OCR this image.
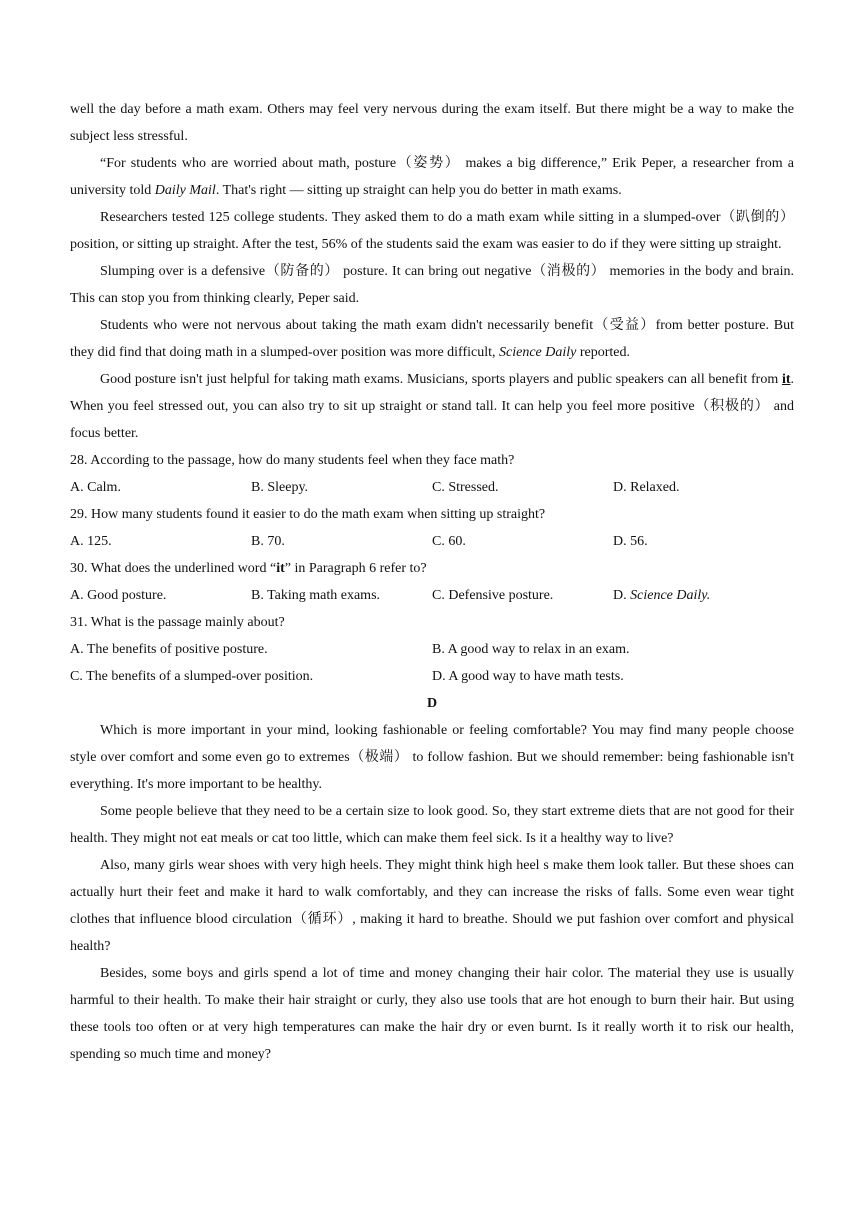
well the day before a math exam. Others may feel very nervous during the exam itself. But there might be a way to make the subject less stressful.

“For students who are worried about math, posture（姿势） makes a big difference,” Erik Peper, a researcher from a university told Daily Mail. That's right — sitting up straight can help you do better in math exams.

Researchers tested 125 college students. They asked them to do a math exam while sitting in a slumped-over（趴倒的） position, or sitting up straight. After the test, 56% of the students said the exam was easier to do if they were sitting up straight.

Slumping over is a defensive（防备的） posture. It can bring out negative（消极的） memories in the body and brain. This can stop you from thinking clearly, Peper said.

Students who were not nervous about taking the math exam didn't necessarily benefit（受益）from better posture. But they did find that doing math in a slumped-over position was more difficult, Science Daily reported.

Good posture isn't just helpful for taking math exams. Musicians, sports players and public speakers can all benefit from it. When you feel stressed out, you can also try to sit up straight or stand tall. It can help you feel more positive（积极的） and focus better.

28. According to the passage, how do many students feel when they face math?

A. Calm.	B. Sleepy.	C. Stressed.	D. Relaxed.

29. How many students found it easier to do the math exam when sitting up straight?

A. 125.	B. 70.	C. 60.	D. 56.

30. What does the underlined word “it” in Paragraph 6 refer to?

A. Good posture.	B. Taking math exams.	C. Defensive posture.	D. Science Daily.

31. What is the passage mainly about?

A. The benefits of positive posture.	B. A good way to relax in an exam.
C. The benefits of a slumped-over position.	D. A good way to have math tests.

D

Which is more important in your mind, looking fashionable or feeling comfortable? You may find many people choose style over comfort and some even go to extremes（极端） to follow fashion. But we should remember: being fashionable isn't everything. It's more important to be healthy.

Some people believe that they need to be a certain size to look good. So, they start extreme diets that are not good for their health. They might not eat meals or cat too little, which can make them feel sick. Is it a healthy way to live?

Also, many girls wear shoes with very high heels. They might think high heel s make them look taller. But these shoes can actually hurt their feet and make it hard to walk comfortably, and they can increase the risks of falls. Some even wear tight clothes that influence blood circulation（循环）, making it hard to breathe. Should we put fashion over comfort and physical health?

Besides, some boys and girls spend a lot of time and money changing their hair color. The material they use is usually harmful to their health. To make their hair straight or curly, they also use tools that are hot enough to burn their hair. But using these tools too often or at very high temperatures can make the hair dry or even burnt. Is it really worth it to risk our health, spending so much time and money?
